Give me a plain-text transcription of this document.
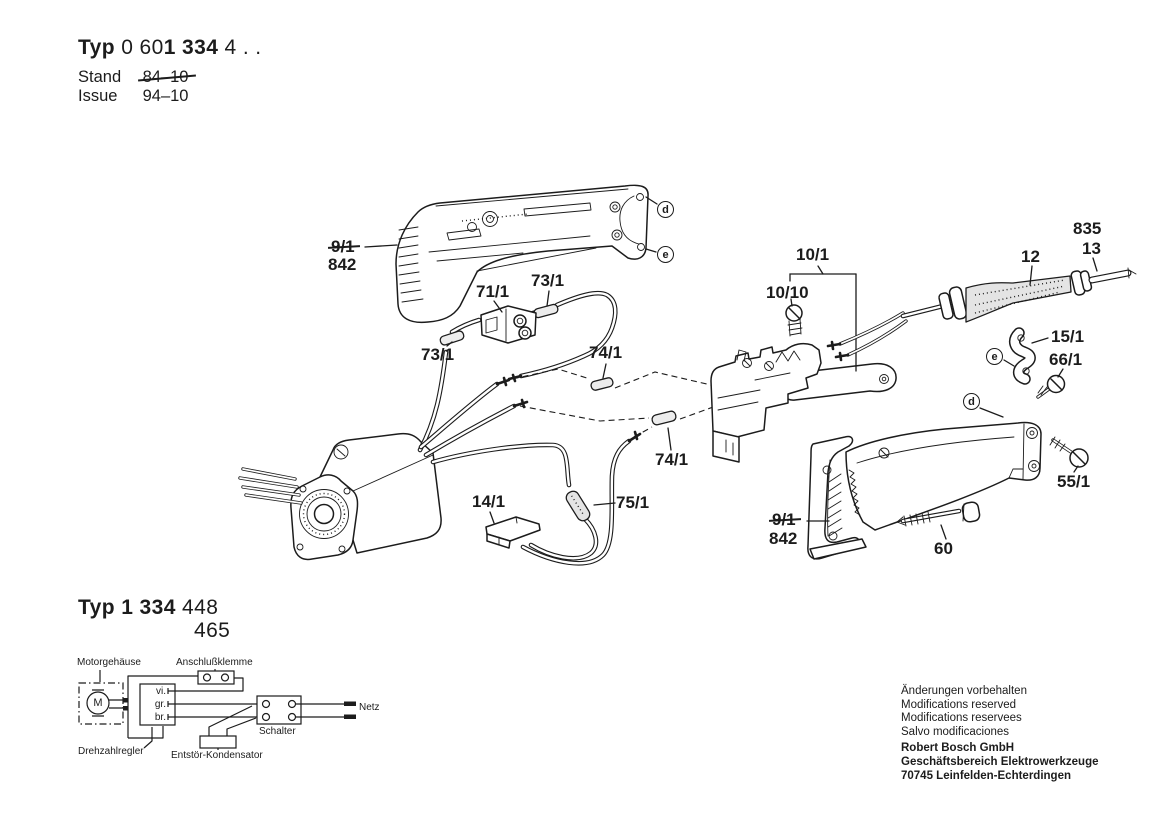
Typ 0 601 334 4 . .
Stand 84–10
Issue 94–10
9/1
842
71/1
73/1
73/1	74/1
74/1
75/1
14/1
10/1
10/10
12
835
13
15/1
66/1
55/1
9/1
842
60
d
e
e
d
Typ 1 334 448
465
Motorgehäuse	Anschlußklemme
M
vi.
gr.
br.
Netz
Schalter
Drehzahlregler	Entstör-Kondensator
Änderungen vorbehalten
Modifications reserved
Modifications reservees
Salvo modificaciones
Robert Bosch GmbH
Geschäftsbereich Elektrowerkzeuge
70745 Leinfelden-Echterdingen
